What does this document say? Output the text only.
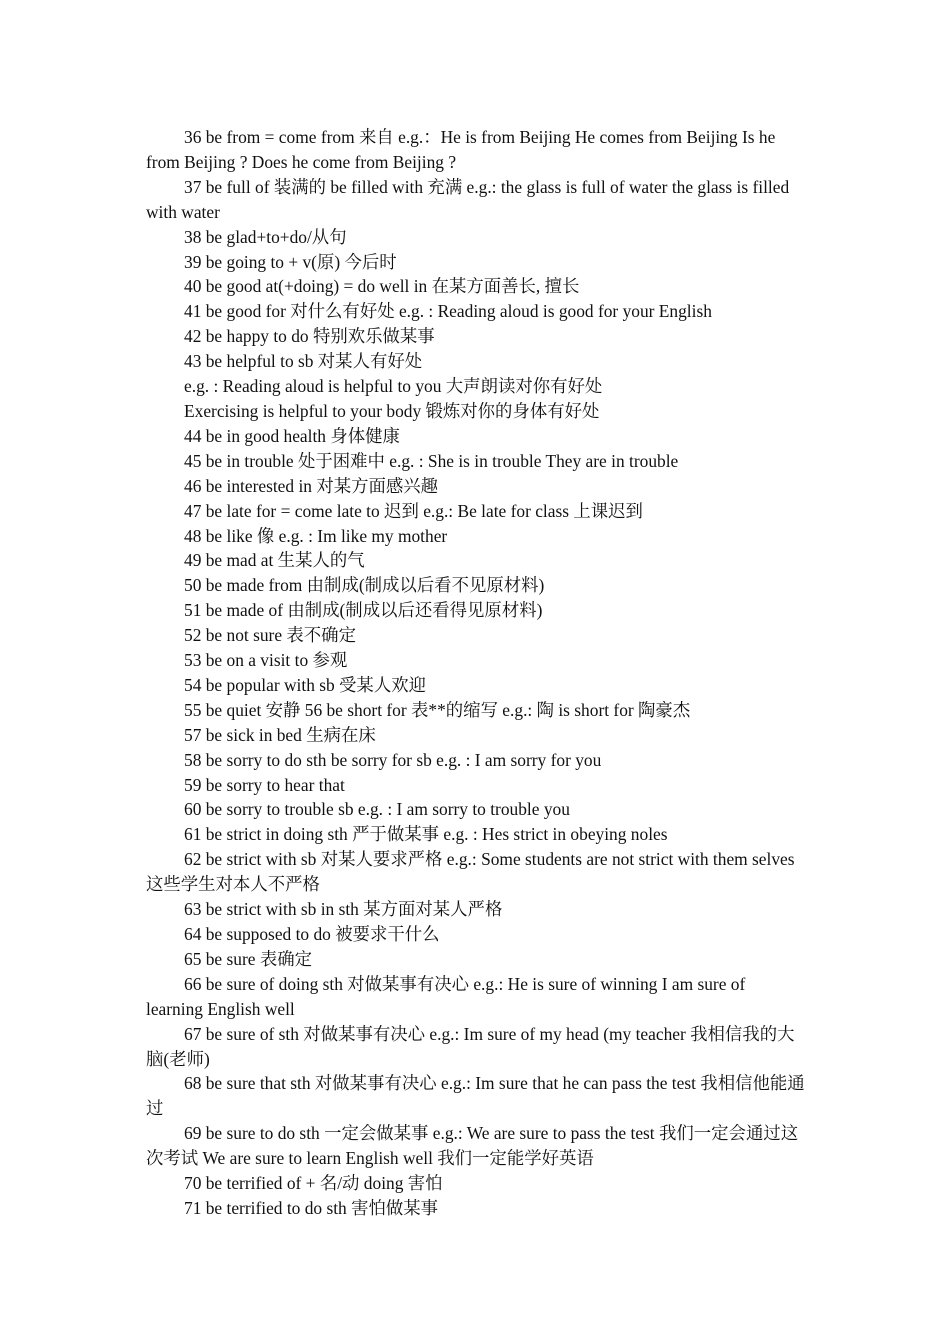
36 be from = come from 来自 e.g.：He is from Beijing He comes from Beijing Is he from Beijing ? Does he come from Beijing ?

37 be full of 装满的 be filled with 充满 e.g.: the glass is full of water the glass is filled with water

38 be glad+to+do/从句

39 be going to + v(原) 今后时

40 be good at(+doing) = do well in 在某方面善长, 擅长

41 be good for 对什么有好处 e.g. : Reading aloud is good for your English

42 be happy to do 特别欢乐做某事

43 be helpful to sb 对某人有好处

e.g. : Reading aloud is helpful to you 大声朗读对你有好处

Exercising is helpful to your body 锻炼对你的身体有好处

44 be in good health 身体健康

45 be in trouble 处于困难中 e.g. : She is in trouble They are in trouble

46 be interested in 对某方面感兴趣

47 be late for = come late to 迟到 e.g.: Be late for class 上课迟到

48 be like 像 e.g. : Im like my mother

49 be mad at 生某人的气

50 be made from 由制成(制成以后看不见原材料)

51 be made of 由制成(制成以后还看得见原材料)

52 be not sure 表不确定

53 be on a visit to 参观

54 be popular with sb 受某人欢迎

55 be quiet 安静 56 be short for 表**的缩写 e.g.: 陶 is short for 陶豪杰

57 be sick in bed 生病在床

58 be sorry to do sth be sorry for sb e.g. : I am sorry for you

59 be sorry to hear that

60 be sorry to trouble sb e.g. : I am sorry to trouble you

61 be strict in doing sth 严于做某事 e.g. : Hes strict in obeying noles

62 be strict with sb 对某人要求严格 e.g.: Some students are not strict with them selves 这些学生对本人不严格

63 be strict with sb in sth 某方面对某人严格

64 be supposed to do 被要求干什么

65 be sure 表确定

66 be sure of doing sth 对做某事有决心 e.g.: He is sure of winning I am sure of learning English well

67 be sure of sth 对做某事有决心 e.g.: Im sure of my head (my teacher 我相信我的大脑(老师)

68 be sure that sth 对做某事有决心 e.g.: Im sure that he can pass the test 我相信他能通过

69 be sure to do sth 一定会做某事 e.g.: We are sure to pass the test 我们一定会通过这次考试 We are sure to learn English well 我们一定能学好英语

70 be terrified of + 名/动 doing 害怕

71 be terrified to do sth 害怕做某事
